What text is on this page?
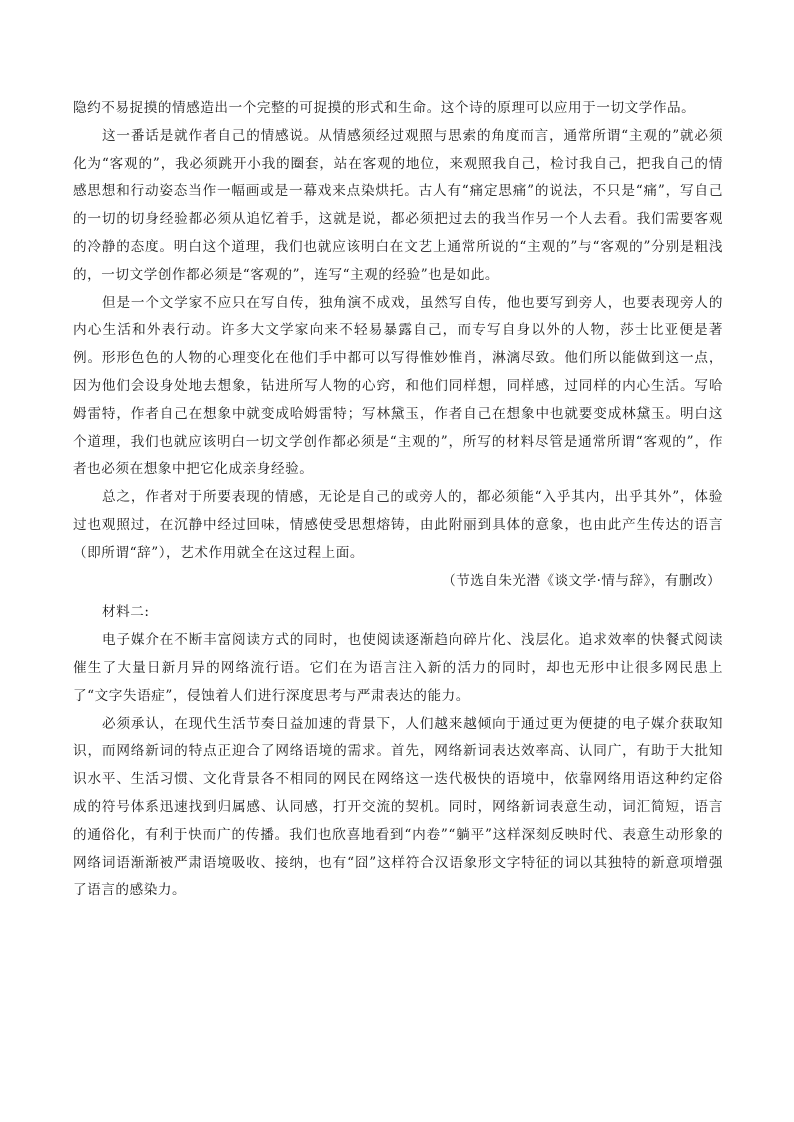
隐约不易捉摸的情感造出一个完整的可捉摸的形式和生命。这个诗的原理可以应用于一切文学作品。

这一番话是就作者自己的情感说。从情感须经过观照与思索的角度而言，通常所谓“主观的”就必须化为“客观的”，我必须跳开小我的圈套，站在客观的地位，来观照我自己，检讨我自己，把我自己的情感思想和行动姿态当作一幅画或是一幕戏来点染烘托。古人有“痛定思痛”的说法，不只是“痛”，写自己的一切的切身经验都必须从追忆着手，这就是说，都必须把过去的我当作另一个人去看。我们需要客观的冷静的态度。明白这个道理，我们也就应该明白在文艺上通常所说的“主观的”与“客观的”分别是粗浅的，一切文学创作都必须是“客观的”，连写“主观的经验”也是如此。

但是一个文学家不应只在写自传，独角演不成戏，虽然写自传，他也要写到旁人，也要表现旁人的内心生活和外表行动。许多大文学家向来不轻易暴露自己，而专写自身以外的人物，莎士比亚便是著例。形形色色的人物的心理变化在他们手中都可以写得惟妙惟肖，淋漓尽致。他们所以能做到这一点，因为他们会设身处地去想象，钻进所写人物的心窍，和他们同样想，同样感，过同样的内心生活。写哈姆雷特，作者自己在想象中就变成哈姆雷特；写林黛玉，作者自己在想象中也就要变成林黛玉。明白这个道理，我们也就应该明白一切文学创作都必须是“主观的”，所写的材料尽管是通常所谓“客观的”，作者也必须在想象中把它化成亲身经验。

总之，作者对于所要表现的情感，无论是自己的或旁人的，都必须能“入乎其内，出乎其外”，体验过也观照过，在沉静中经过回味，情感使受思想熔铸，由此附丽到具体的意象，也由此产生传达的语言（即所谓“辞”），艺术作用就全在这过程上面。

（节选自朱光潜《谈文学·情与辞》，有删改）

材料二:

电子媒介在不断丰富阅读方式的同时，也使阅读逐渐趋向碎片化、浅层化。追求效率的快餐式阅读催生了大量日新月异的网络流行语。它们在为语言注入新的活力的同时，却也无形中让很多网民患上了“文字失语症”，侵蚀着人们进行深度思考与严肃表达的能力。

必须承认，在现代生活节奏日益加速的背景下，人们越来越倾向于通过更为便捷的电子媒介获取知识，而网络新词的特点正迎合了网络语境的需求。首先，网络新词表达效率高、认同广，有助于大批知识水平、生活习惯、文化背景各不相同的网民在网络这一迭代极快的语境中，依靠网络用语这种约定俗成的符号体系迅速找到归属感、认同感，打开交流的契机。同时，网络新词表意生动，词汇简短，语言的通俗化，有利于快而广的传播。我们也欣喜地看到“内卷”“躺平”这样深刻反映时代、表意生动形象的网络词语渐渐被严肃语境吸收、接纳，也有“囧”这样符合汉语象形文字特征的词以其独特的新意项增强了语言的感染力。
